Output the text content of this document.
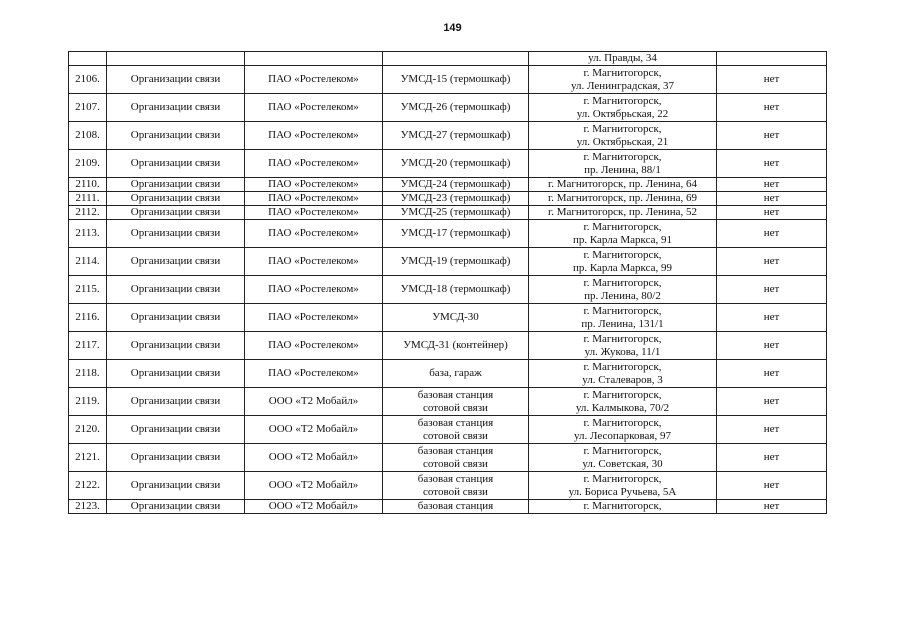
149

				ул. Правды, 34	

2106.	Организации связи	ПАО «Ростелеком»	УМСД-15 (термошкаф)	г. Магнитогорск,
ул. Ленинградская, 37	нет
2107.	Организации связи	ПАО «Ростелеком»	УМСД-26 (термошкаф)	г. Магнитогорск,
ул. Октябрьская, 22	нет
2108.	Организации связи	ПАО «Ростелеком»	УМСД-27 (термошкаф)	г. Магнитогорск,
ул. Октябрьская, 21	нет
2109.	Организации связи	ПАО «Ростелеком»	УМСД-20 (термошкаф)	г. Магнитогорск,
пр. Ленина, 88/1	нет
2110.	Организации связи	ПАО «Ростелеком»	УМСД-24 (термошкаф)	г. Магнитогорск, пр. Ленина, 64	нет
2111.	Организации связи	ПАО «Ростелеком»	УМСД-23 (термошкаф)	г. Магнитогорск, пр. Ленина, 69	нет
2112.	Организации связи	ПАО «Ростелеком»	УМСД-25 (термошкаф)	г. Магнитогорск, пр. Ленина, 52	нет
2113.	Организации связи	ПАО «Ростелеком»	УМСД-17 (термошкаф)	г. Магнитогорск,
пр. Карла Маркса, 91	нет
2114.	Организации связи	ПАО «Ростелеком»	УМСД-19 (термошкаф)	г. Магнитогорск,
пр. Карла Маркса, 99	нет
2115.	Организации связи	ПАО «Ростелеком»	УМСД-18 (термошкаф)	г. Магнитогорск,
пр. Ленина, 80/2	нет
2116.	Организации связи	ПАО «Ростелеком»	УМСД-30	г. Магнитогорск,
пр. Ленина, 131/1	нет
2117.	Организации связи	ПАО «Ростелеком»	УМСД-31 (контейнер)	г. Магнитогорск,
ул. Жукова, 11/1	нет
2118.	Организации связи	ПАО «Ростелеком»	база, гараж	г. Магнитогорск,
ул. Сталеваров, 3	нет
2119.	Организации связи	ООО «Т2 Мобайл»	базовая станция
сотовой связи	г. Магнитогорск,
ул. Калмыкова, 70/2	нет
2120.	Организации связи	ООО «Т2 Мобайл»	базовая станция
сотовой связи	г. Магнитогорск,
ул. Лесопарковая, 97	нет
2121.	Организации связи	ООО «Т2 Мобайл»	базовая станция
сотовой связи	г. Магнитогорск,
ул. Советская, 30	нет
2122.	Организации связи	ООО «Т2 Мобайл»	базовая станция
сотовой связи	г. Магнитогорск,
ул. Бориса Ручьева, 5А	нет
2123.	Организации связи	ООО «Т2 Мобайл»	базовая станция	г. Магнитогорск,	нет
